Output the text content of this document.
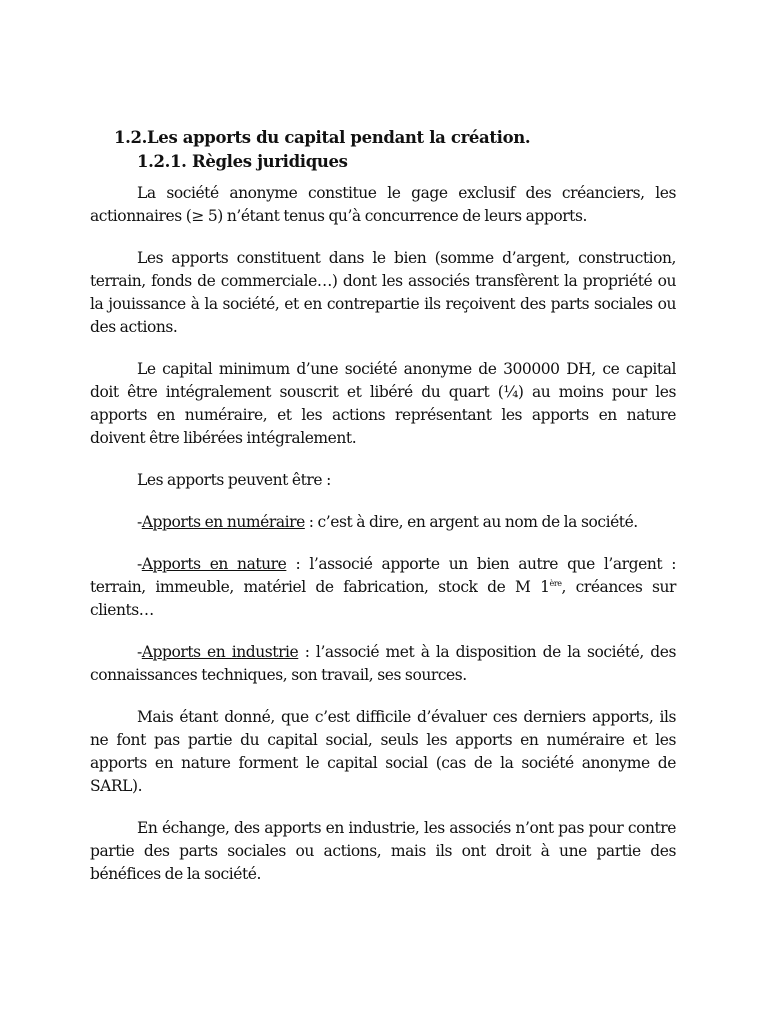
1.2.Les apports du capital pendant la création.
1.2.1. Règles juridiques

La société anonyme constitue le gage exclusif des créanciers, les actionnaires (≥ 5) n’étant tenus qu’à concurrence de leurs apports.

Les apports constituent dans le bien (somme d’argent, construction, terrain, fonds de commerciale…) dont les associés transfèrent la propriété ou la jouissance à la société, et en contrepartie ils reçoivent des parts sociales ou des actions.

Le capital minimum d’une société anonyme de 300000 DH, ce capital doit être intégralement souscrit et libéré du quart (¼) au moins pour les apports en numéraire, et les actions représentant les apports en nature doivent être libérées intégralement.

Les apports peuvent être :

-Apports en numéraire : c’est à dire, en argent au nom de la société.

-Apports en nature : l’associé apporte un bien autre que l’argent : terrain, immeuble, matériel de fabrication, stock de M 1ère, créances sur clients…

-Apports en industrie : l’associé met à la disposition de la société, des connaissances techniques, son travail, ses sources.

Mais étant donné, que c’est difficile d’évaluer ces derniers apports, ils ne font pas partie du capital social, seuls les apports en numéraire et les apports en nature forment le capital social (cas de la société anonyme de SARL).

En échange, des apports en industrie, les associés n’ont pas pour contre partie des parts sociales ou actions, mais ils ont droit à une partie des bénéfices de la société.
